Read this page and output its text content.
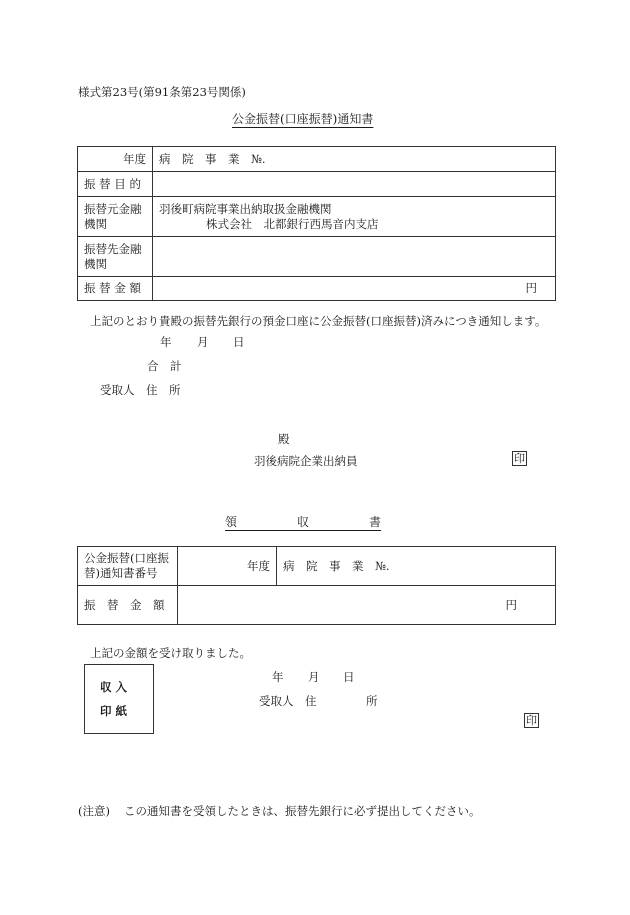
様式第23号(第91条第23号関係)
公金振替(口座振替)通知書
年度	病　院　事　業　№.
振 替 目 的	
振替元金融機関	羽後町病院事業出納取扱金融機関
株式会社　北都銀行西馬音内支店

振替先金融機関	
振 替 金 額	円
上記のとおり貴殿の振替先銀行の預金口座に公金振替(口座振替)済みにつき通知します。
年 月 日
合　計
受取人　住　所
殿
羽後病院企業出納員	印
領　　　　　収　　　　　書
公金振替(口座振替)通知書番号	年度	病　院　事　業　№.
振　替　金　額	円	
上記の金額を受け取りました。
収 入
印 紙
年 月 日
受取人　住	所
印
(注意) この通知書を受領したときは、振替先銀行に必ず提出してください。
